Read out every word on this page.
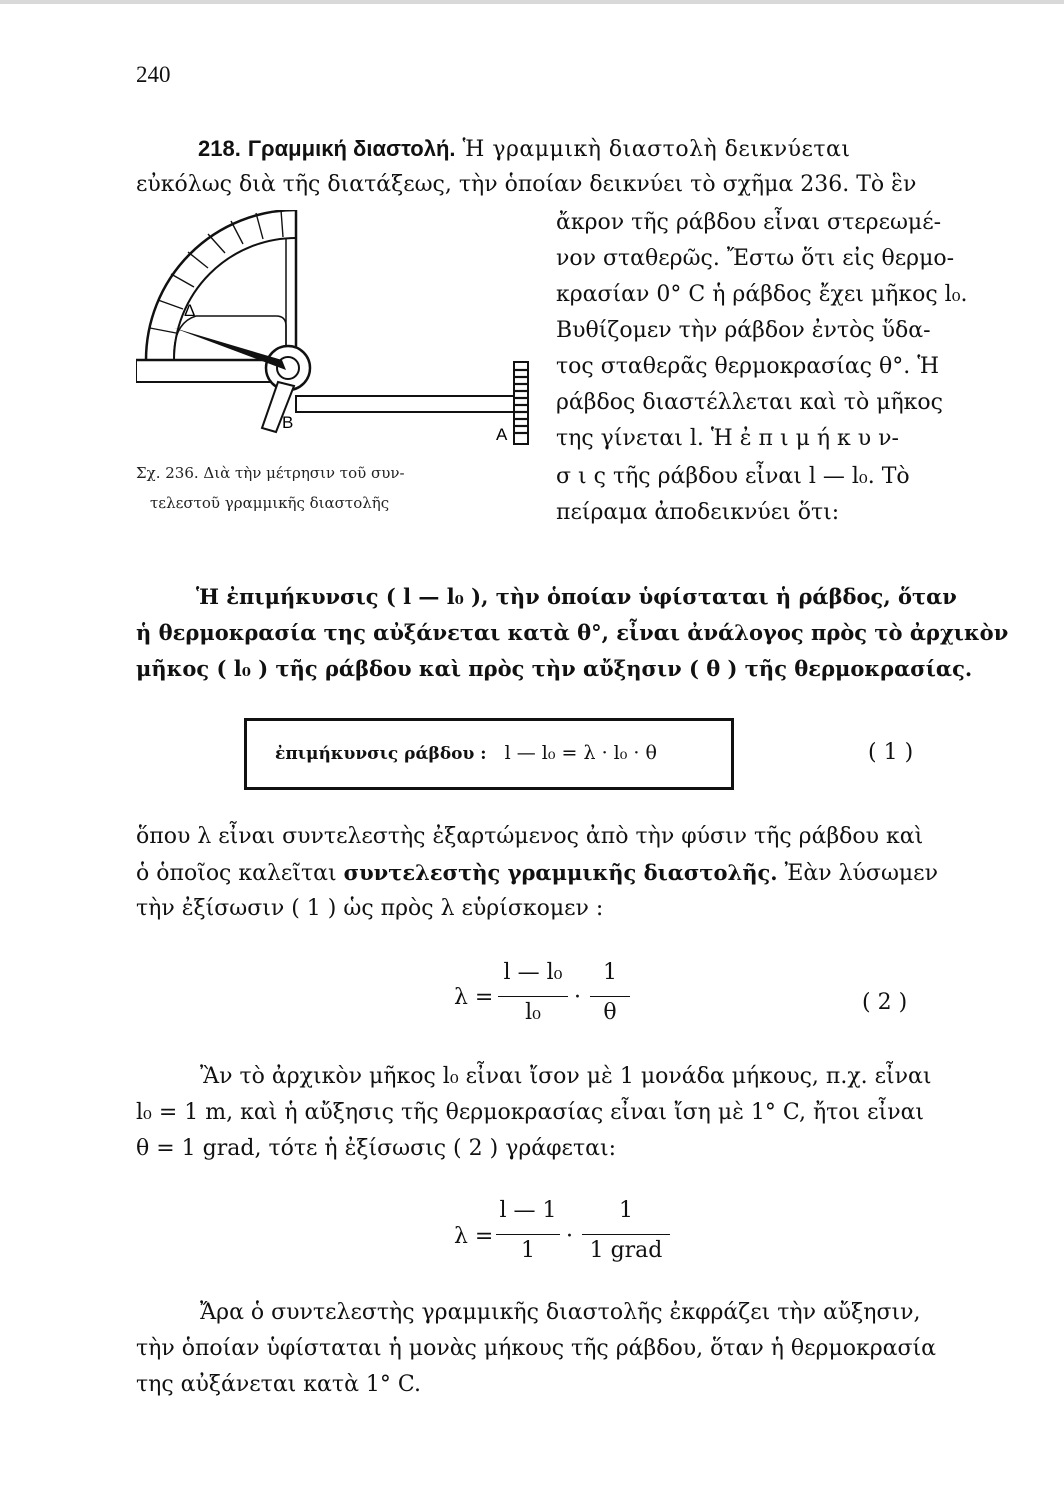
240
218. Γραμμική διαστολή. Ἡ γραμμικὴ διαστολὴ δεικνύεται
εὐκόλως διὰ τῆς διατάξεως, τὴν ὁποίαν δεικνύει τὸ σχῆμα 236. Τὸ ἓν
ἄκρον τῆς ράβδου εἶναι στερεωμέ-
νον σταθερῶς. Ἔστω ὅτι εἰς θερμο-
κρασίαν 0° C ἡ ράβδος ἔχει μῆκος l₀.
Βυθίζομεν τὴν ράβδον ἐντὸς ὕδα-
τος σταθερᾶς θερμοκρασίας θ°. Ἡ
ράβδος διαστέλλεται καὶ τὸ μῆκος
της γίνεται l. Ἡ ἐ π ι μ ή κ υ ν-
σ ι ς τῆς ράβδου εἶναι l — l₀. Τὸ
πείραμα ἀποδεικνύει ὅτι:
Δ
B
A
Σχ. 236. Διὰ τὴν μέτρησιν τοῦ συν-
τελεστοῦ γραμμικῆς διαστολῆς
Ἡ ἐπιμήκυνσις ( l — l₀ ), τὴν ὁποίαν ὑφίσταται ἡ ράβδος, ὅταν
ἡ θερμοκρασία της αὐξάνεται κατὰ θ°, εἶναι ἀνάλογος πρὸς τὸ ἀρχικὸν
μῆκος ( l₀ ) τῆς ράβδου καὶ πρὸς τὴν αὔξησιν ( θ ) τῆς θερμοκρασίας.
ἐπιμήκυνσις ράβδου : l — l₀ = λ · l₀ · θ	( 1 )
ὅπου λ εἶναι συντελεστὴς ἐξαρτώμενος ἀπὸ τὴν φύσιν τῆς ράβδου καὶ
ὁ ὁποῖος καλεῖται συντελεστὴς γραμμικῆς διαστολῆς. Ἐὰν λύσωμεν
τὴν ἐξίσωσιν ( 1 ) ὡς πρὸς λ εὑρίσκομεν :
λ =
l — l₀
l₀
·
1
θ	( 2 )
Ἂν τὸ ἀρχικὸν μῆκος l₀ εἶναι ἴσον μὲ 1 μονάδα μήκους, π.χ. εἶναι
l₀ = 1 m, καὶ ἡ αὔξησις τῆς θερμοκρασίας εἶναι ἴση μὲ 1° C, ἤτοι εἶναι
θ = 1 grad, τότε ἡ ἐξίσωσις ( 2 ) γράφεται:
λ =
l — 1
1
·
1
1 grad
Ἄρα ὁ συντελεστὴς γραμμικῆς διαστολῆς ἐκφράζει τὴν αὔξησιν,
τὴν ὁποίαν ὑφίσταται ἡ μονὰς μήκους τῆς ράβδου, ὅταν ἡ θερμοκρασία
της αὐξάνεται κατὰ 1° C.
